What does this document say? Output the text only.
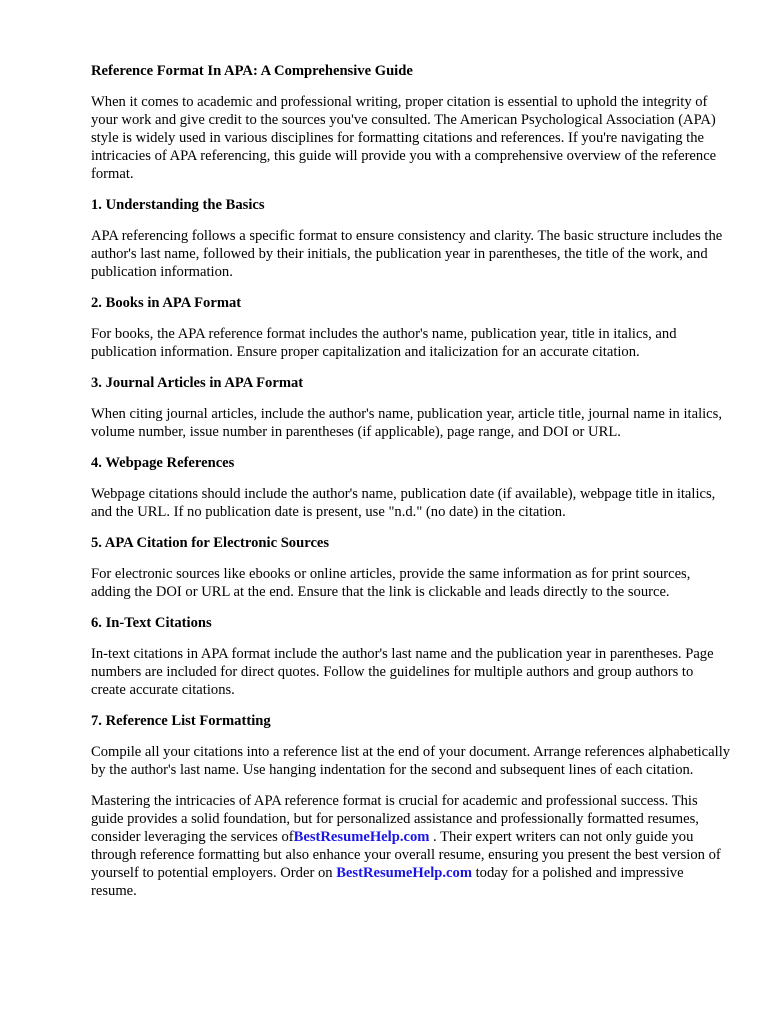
Reference Format In APA: A Comprehensive Guide
When it comes to academic and professional writing, proper citation is essential to uphold the integrity of your work and give credit to the sources you've consulted. The American Psychological Association (APA) style is widely used in various disciplines for formatting citations and references. If you're navigating the intricacies of APA referencing, this guide will provide you with a comprehensive overview of the reference format.
1. Understanding the Basics
APA referencing follows a specific format to ensure consistency and clarity. The basic structure includes the author's last name, followed by their initials, the publication year in parentheses, the title of the work, and publication information.
2. Books in APA Format
For books, the APA reference format includes the author's name, publication year, title in italics, and publication information. Ensure proper capitalization and italicization for an accurate citation.
3. Journal Articles in APA Format
When citing journal articles, include the author's name, publication year, article title, journal name in italics, volume number, issue number in parentheses (if applicable), page range, and DOI or URL.
4. Webpage References
Webpage citations should include the author's name, publication date (if available), webpage title in italics, and the URL. If no publication date is present, use "n.d." (no date) in the citation.
5. APA Citation for Electronic Sources
For electronic sources like ebooks or online articles, provide the same information as for print sources, adding the DOI or URL at the end. Ensure that the link is clickable and leads directly to the source.
6. In-Text Citations
In-text citations in APA format include the author's last name and the publication year in parentheses. Page numbers are included for direct quotes. Follow the guidelines for multiple authors and group authors to create accurate citations.
7. Reference List Formatting
Compile all your citations into a reference list at the end of your document. Arrange references alphabetically by the author's last name. Use hanging indentation for the second and subsequent lines of each citation.
Mastering the intricacies of APA reference format is crucial for academic and professional success. This guide provides a solid foundation, but for personalized assistance and professionally formatted resumes, consider leveraging the services ofBestResumeHelp.com . Their expert writers can not only guide you through reference formatting but also enhance your overall resume, ensuring you present the best version of yourself to potential employers. Order on BestResumeHelp.com today for a polished and impressive resume.
